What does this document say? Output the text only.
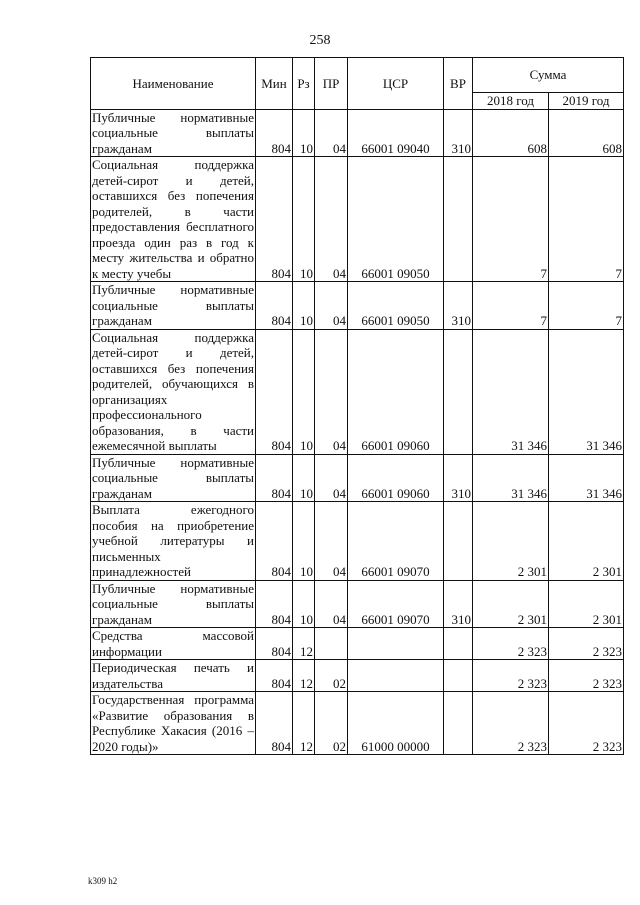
258
Наименование	Мин	Рз	ПР	ЦСР	ВР	Сумма	
						2018 год	2019 год
Публичные нормативные социальные выплаты гражданам	804	10	04	66001 09040	310	608	608
Социальная поддержка детей-сирот и детей, оставшихся без попечения родителей, в части предоставления бесплатного проезда один раз в год к месту жительства и обратно к месту учебы	804	10	04	66001 09050		7	7
Публичные нормативные социальные выплаты гражданам	804	10	04	66001 09050	310	7	7
Социальная поддержка детей-сирот и детей, оставшихся без попечения родителей, обучающихся в организациях профессионального образования, в части ежемесячной выплаты	804	10	04	66001 09060		31 346	31 346
Публичные нормативные социальные выплаты гражданам	804	10	04	66001 09060	310	31 346	31 346
Выплата ежегодного пособия на приобретение учебной литературы и письменных принадлежностей	804	10	04	66001 09070		2 301	2 301
Публичные нормативные социальные выплаты гражданам	804	10	04	66001 09070	310	2 301	2 301
Средства массовой информации	804	12				2 323	2 323
Периодическая печать и издательства	804	12	02			2 323	2 323
Государственная программа «Развитие образования в Республике Хакасия (2016 – 2020 годы)»	804	12	02	61000 00000		2 323	2 323
k309 h2
